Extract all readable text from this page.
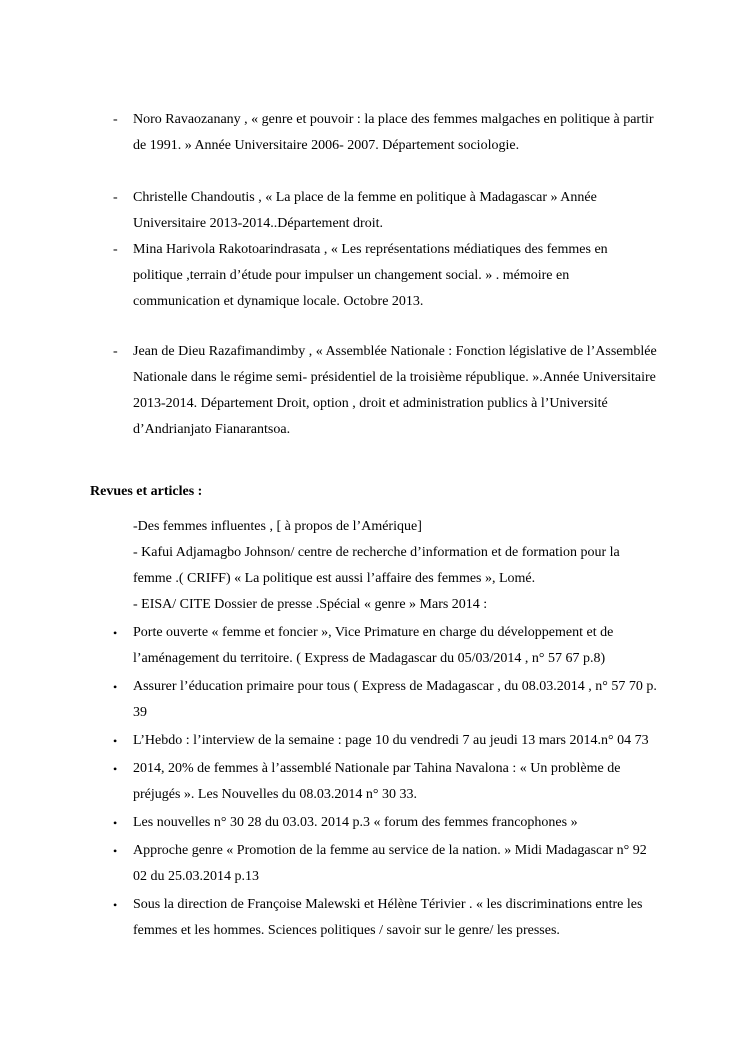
-	Noro Ravaozanany , « genre et pouvoir : la place des femmes malgaches en politique à partir de 1991. » Année Universitaire 2006- 2007. Département sociologie.
-	Christelle Chandoutis , « La place de la femme en politique à Madagascar » Année Universitaire 2013-2014..Département droit.
-	Mina Harivola Rakotoarindrasata , « Les représentations médiatiques des femmes en politique ,terrain d’étude pour impulser un changement social. » . mémoire en communication et dynamique locale. Octobre 2013.
-	Jean de Dieu Razafimandimby , « Assemblée Nationale : Fonction législative de l’Assemblée Nationale dans le régime semi- présidentiel de la troisième république. ».Année Universitaire 2013-2014. Département Droit, option , droit et administration publics à l’Université d’Andrianjato Fianarantsoa.
Revues et articles :

-Des femmes influentes , [ à propos de l’Amérique]

- Kafui Adjamagbo Johnson/ centre de recherche d’information et de formation pour la femme .( CRIFF) « La politique est aussi l’affaire des femmes », Lomé.

- EISA/ CITE Dossier de presse .Spécial « genre » Mars 2014 :

•	Porte ouverte « femme et foncier », Vice Primature en charge du développement et de l’aménagement du territoire. ( Express de Madagascar du 05/03/2014 , n° 57 67 p.8)
•	Assurer l’éducation primaire pour tous ( Express de Madagascar , du 08.03.2014 , n° 57 70 p. 39
•	L’Hebdo : l’interview de la semaine : page 10 du vendredi 7 au jeudi 13 mars 2014.n° 04 73
•	2014, 20% de femmes à l’assemblé Nationale par Tahina Navalona : « Un problème de préjugés ». Les Nouvelles du 08.03.2014 n° 30 33.
•	Les nouvelles n° 30 28 du 03.03. 2014 p.3 « forum des femmes francophones »
•	Approche genre « Promotion de la femme au service de la nation. » Midi Madagascar n° 92 02 du 25.03.2014 p.13
•	Sous la direction de Françoise Malewski et Hélène Térivier . « les discriminations entre les femmes et les hommes. Sciences politiques / savoir sur le genre/ les presses.
